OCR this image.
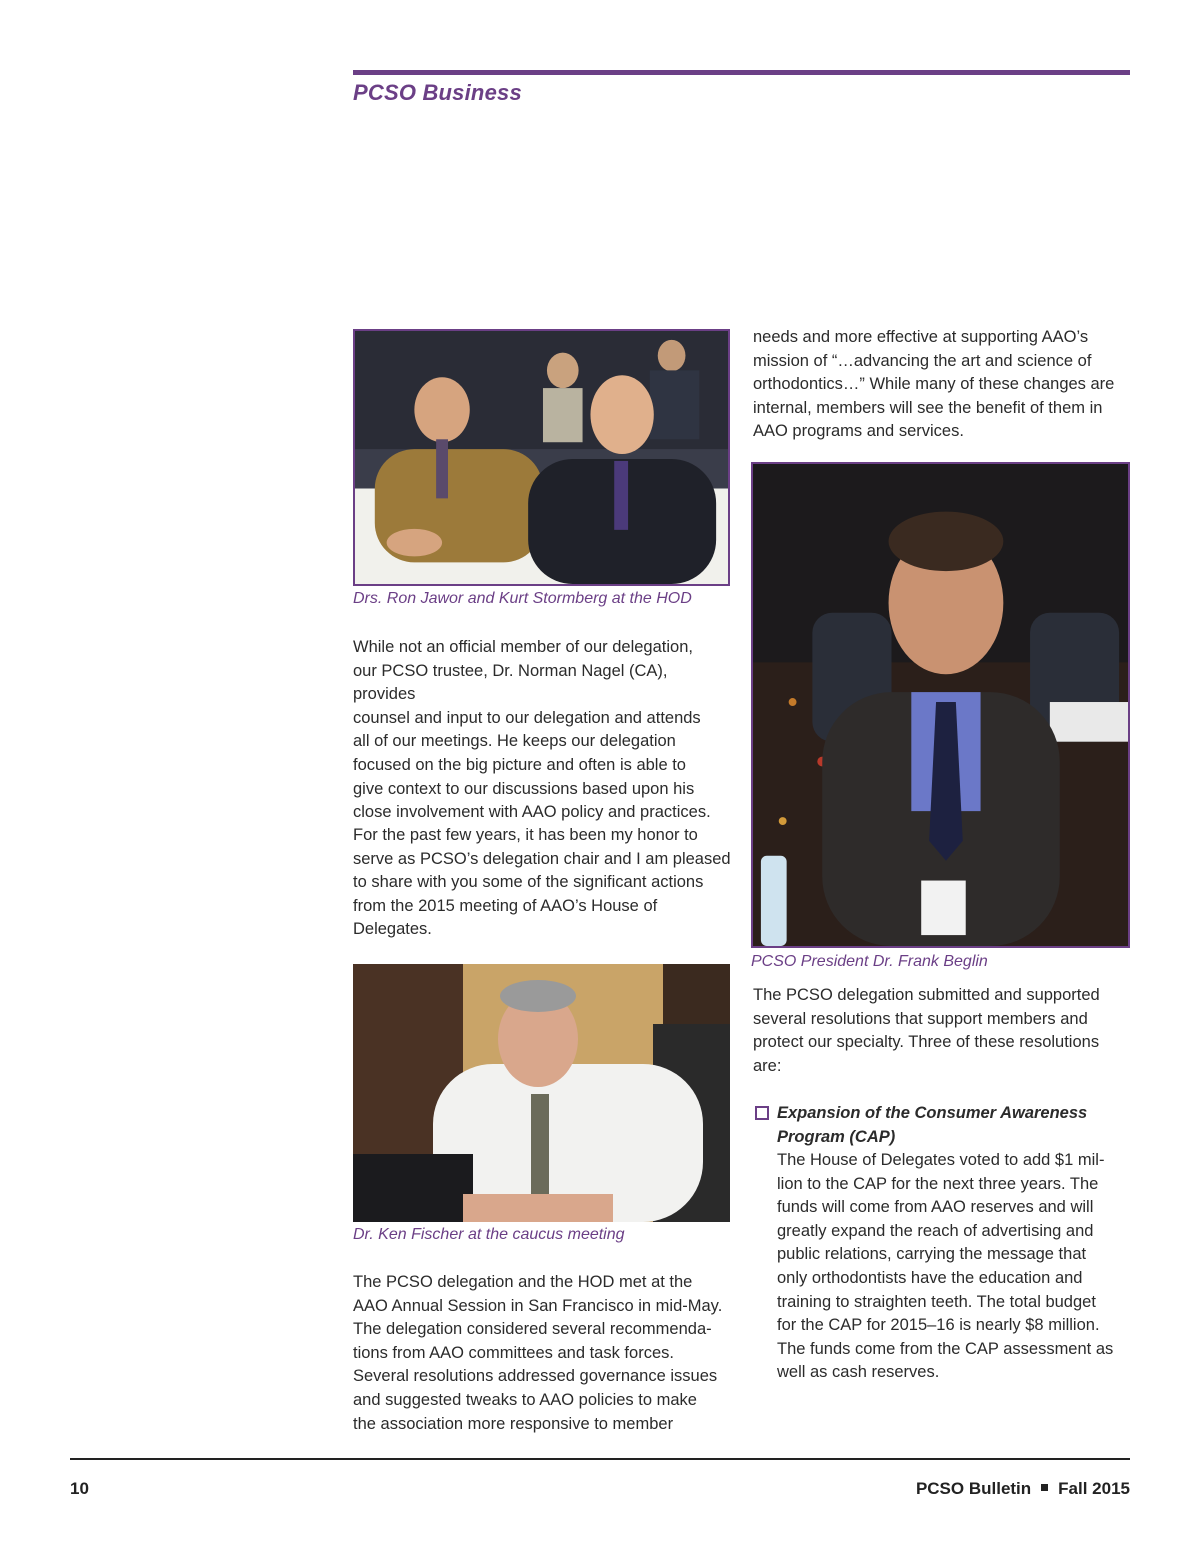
PCSO Business

Drs. Ron Jawor and Kurt Stormberg at the HOD

While not an official member of our delegation,
our PCSO trustee, Dr. Norman Nagel (CA), provides
counsel and input to our delegation and attends
all of our meetings. He keeps our delegation
focused on the big picture and often is able to
give context to our discussions based upon his
close involvement with AAO policy and practices.

For the past few years, it has been my honor to
serve as PCSO’s delegation chair and I am pleased
to share with you some of the significant actions
from the 2015 meeting of AAO’s House of
Delegates.

Dr. Ken Fischer at the caucus meeting

The PCSO delegation and the HOD met at the
AAO Annual Session in San Francisco in mid-May.
The delegation considered several recommenda-
tions from AAO committees and task forces.
Several resolutions addressed governance issues
and suggested tweaks to AAO policies to make
the association more responsive to member

needs and more effective at supporting AAO’s
mission of “…advancing the art and science of
orthodontics…” While many of these changes are
internal, members will see the benefit of them in
AAO programs and services.

PCSO President Dr. Frank Beglin

The PCSO delegation submitted and supported
several resolutions that support members and
protect our specialty. Three of these resolutions
are:

Expansion of the Consumer Awareness
Program (CAP)

The House of Delegates voted to add $1 mil-
lion to the CAP for the next three years. The
funds will come from AAO reserves and will
greatly expand the reach of advertising and
public relations, carrying the message that
only orthodontists have the education and
training to straighten teeth. The total budget
for the CAP for 2015–16 is nearly $8 million.
The funds come from the CAP assessment as
well as cash reserves.

10	PCSO Bulletin Fall 2015
